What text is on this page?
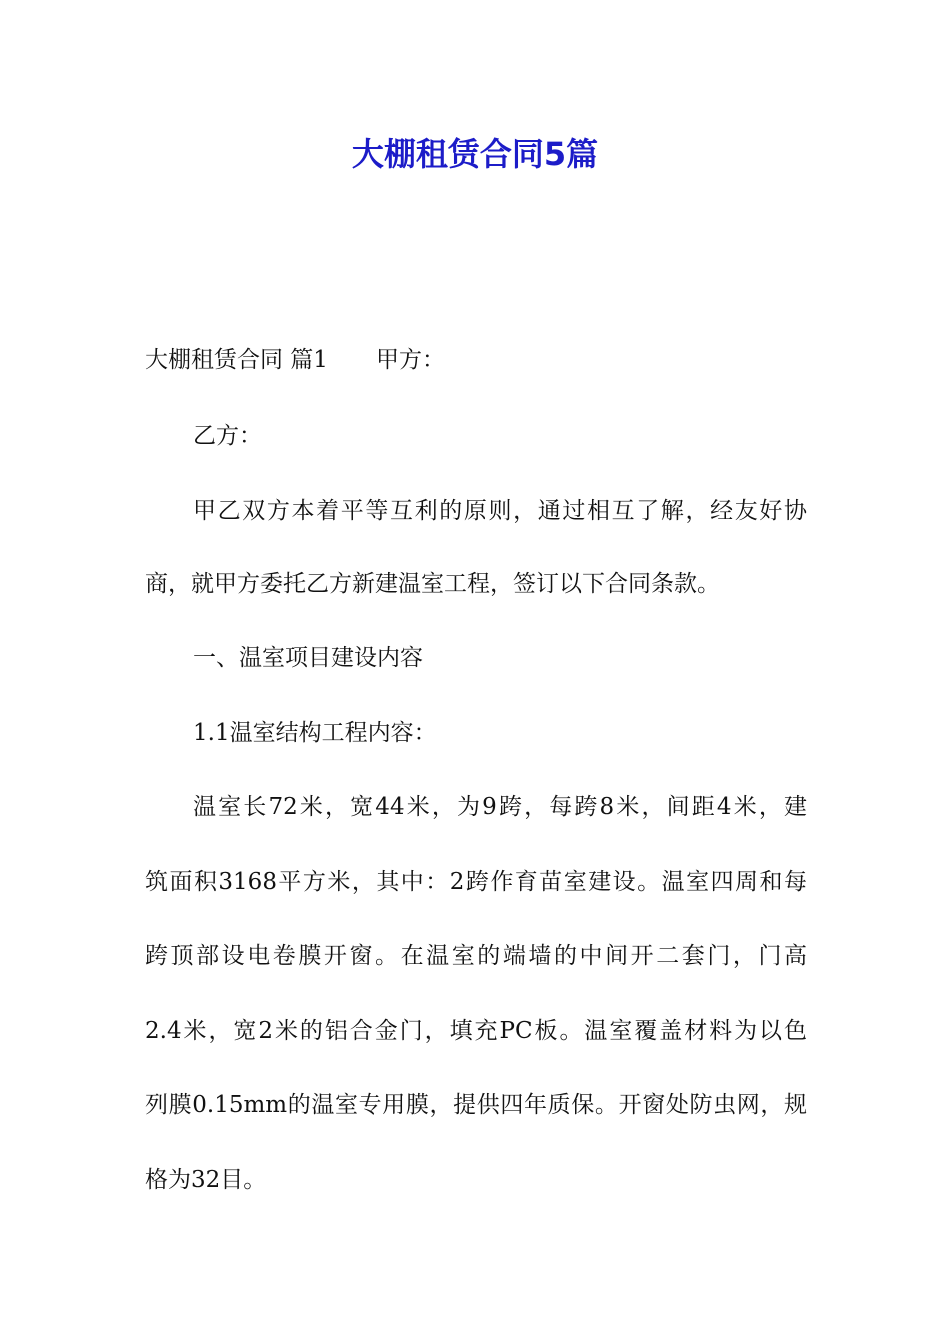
大棚租赁合同5篇
大棚租赁合同 篇1 甲方：
乙方：
甲乙双方本着平等互利的原则，通过相互了解，经友好协
商，就甲方委托乙方新建温室工程，签订以下合同条款。
一、温室项目建设内容
1.1温室结构工程内容：
温室长72米，宽44米，为9跨，每跨8米，间距4米，建
筑面积3168平方米，其中：2跨作育苗室建设。温室四周和每
跨顶部设电卷膜开窗。在温室的端墙的中间开二套门，门高
2.4米，宽2米的铝合金门，填充PC板。温室覆盖材料为以色
列膜0.15mm的温室专用膜，提供四年质保。开窗处防虫网，规
格为32目。
